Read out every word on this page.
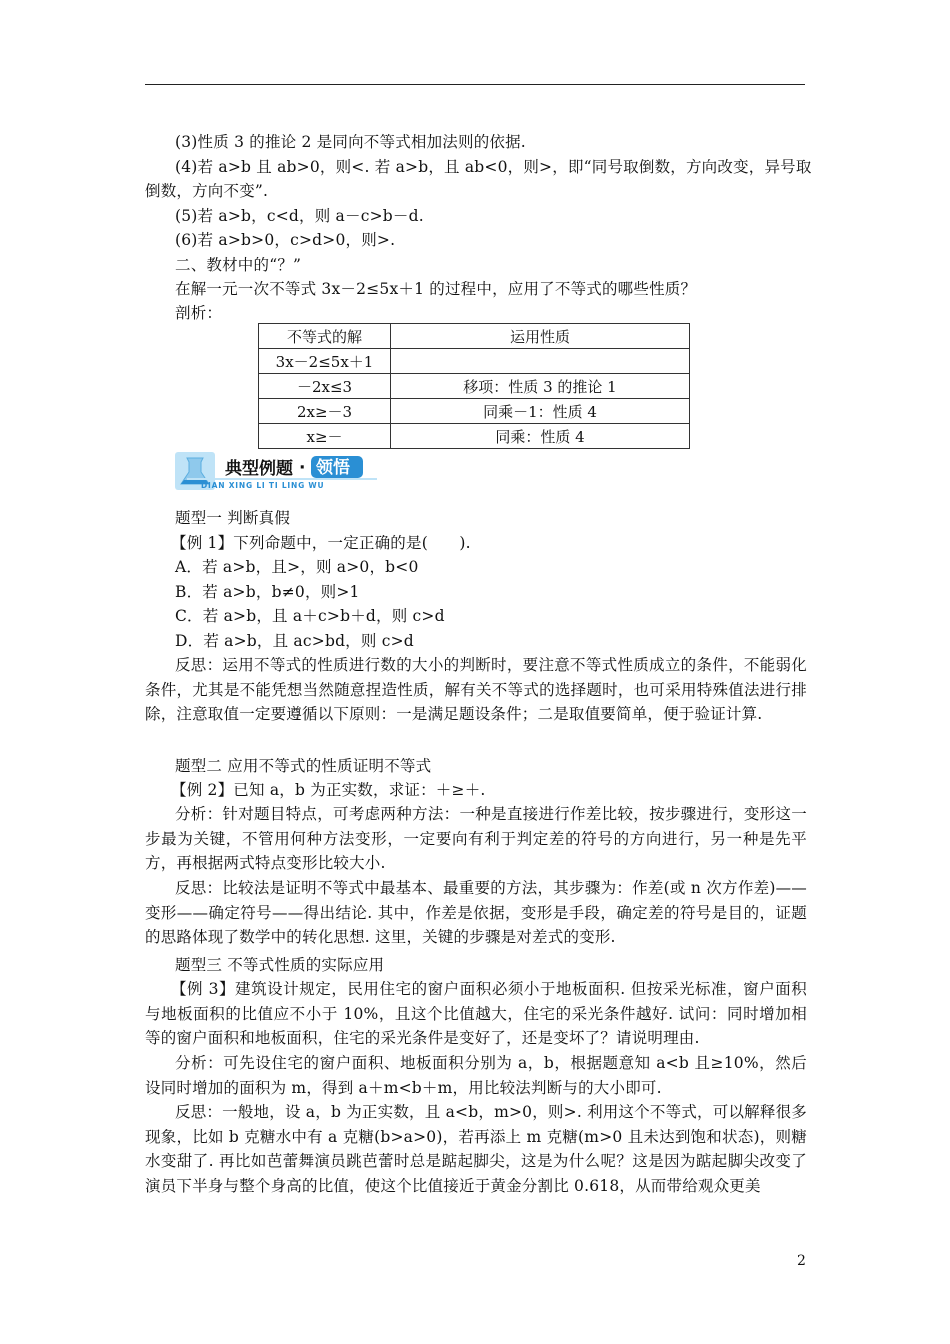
(3)性质 3 的推论 2 是同向不等式相加法则的依据.
(4)若 a>b 且 ab>0，则<. 若 a>b，且 ab<0，则>，即“同号取倒数，方向改变，异号取
倒数，方向不变”.
(5)若 a>b，c<d，则 a－c>b－d.
(6)若 a>b>0，c>d>0，则>.
二、教材中的“？”
在解一元一次不等式 3x－2≤5x＋1 的过程中，应用了不等式的哪些性质？
剖析：
不等式的解	运用性质
3x－2≤5x＋1	
－2x≤3	移项：性质 3 的推论 1
2x≥－3	同乘－1：性质 4
x≥－	同乘：性质 4
典型例题 · 领悟
DIAN XING LI TI LING WU
题型一 判断真假
【例 1】下列命题中，一定正确的是(　　).
A．若 a>b，且>，则 a>0，b<0
B．若 a>b，b≠0，则>1
C．若 a>b，且 a＋c>b＋d，则 c>d
D．若 a>b，且 ac>bd，则 c>d
反思：运用不等式的性质进行数的大小的判断时，要注意不等式性质成立的条件，不能弱化条件，尤其是不能凭想当然随意捏造性质，解有关不等式的选择题时，也可采用特殊值法进行排除，注意取值一定要遵循以下原则：一是满足题设条件；二是取值要简单，便于验证计算.
题型二 应用不等式的性质证明不等式
【例 2】已知 a，b 为正实数，求证：＋≥＋.
分析：针对题目特点，可考虑两种方法：一种是直接进行作差比较，按步骤进行，变形这一步最为关键，不管用何种方法变形，一定要向有利于判定差的符号的方向进行，另一种是先平方，再根据两式特点变形比较大小.
反思：比较法是证明不等式中最基本、最重要的方法，其步骤为：作差(或 n 次方作差)——变形——确定符号——得出结论. 其中，作差是依据，变形是手段，确定差的符号是目的，证题的思路体现了数学中的转化思想. 这里，关键的步骤是对差式的变形.
题型三 不等式性质的实际应用
【例 3】建筑设计规定，民用住宅的窗户面积必须小于地板面积. 但按采光标准，窗户面积与地板面积的比值应不小于 10%，且这个比值越大，住宅的采光条件越好. 试问：同时增加相等的窗户面积和地板面积，住宅的采光条件是变好了，还是变坏了？请说明理由.
分析：可先设住宅的窗户面积、地板面积分别为 a，b，根据题意知 a<b 且≥10%，然后设同时增加的面积为 m，得到 a＋m<b＋m，用比较法判断与的大小即可.
反思：一般地，设 a，b 为正实数，且 a<b，m>0，则>. 利用这个不等式，可以解释很多现象，比如 b 克糖水中有 a 克糖(b>a>0)，若再添上 m 克糖(m>0 且未达到饱和状态)，则糖水变甜了. 再比如芭蕾舞演员跳芭蕾时总是踮起脚尖，这是为什么呢？这是因为踮起脚尖改变了演员下半身与整个身高的比值，使这个比值接近于黄金分割比 0.618，从而带给观众更美
2
